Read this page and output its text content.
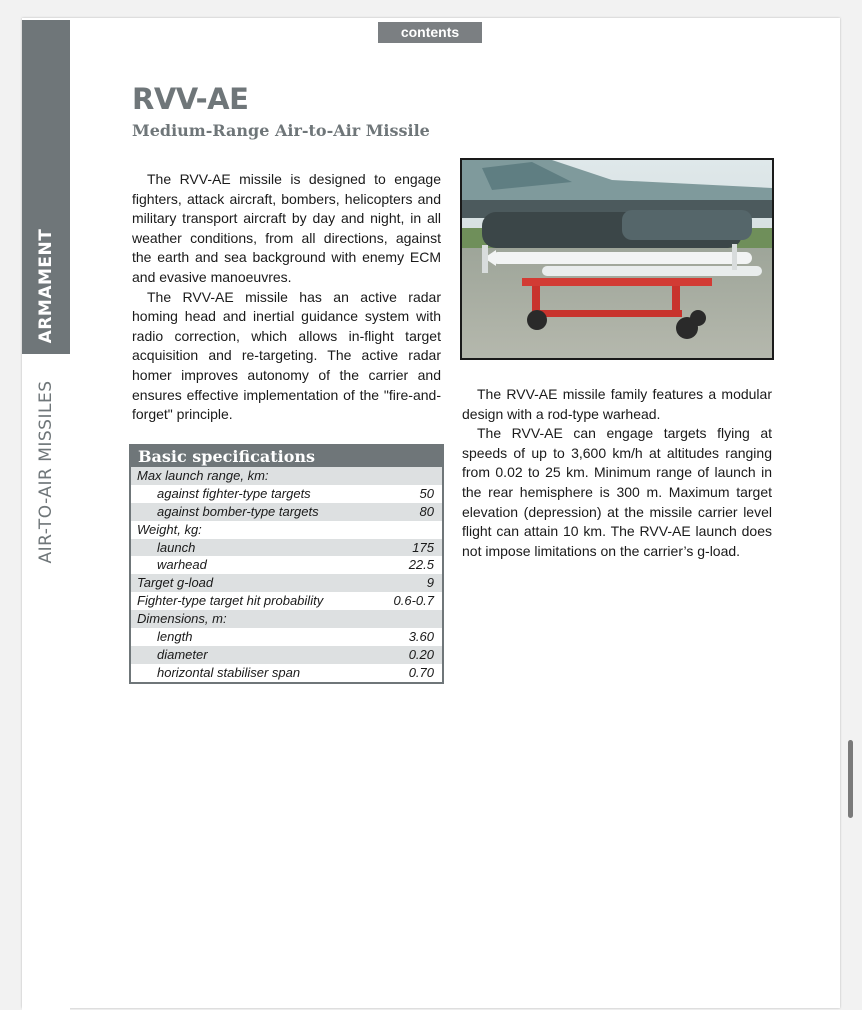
ARMAMENT
AIR-TO-AIR MISSILES
contents
RVV-AE
Medium-Range Air-to-Air Missile

The RVV-AE missile is designed to engage fighters, attack aircraft, bombers, helicopters and military transport aircraft by day and night, in all weather conditions, from all directions, against the earth and sea background with enemy ECM and evasive manoeuvres.

The RVV-AE missile has an active radar homing head and inertial guidance system with radio correction, which allows in-flight target acquisition and re-targeting. The active radar homer improves autonomy of the carrier and ensures effective implementation of the "fire-and-forget" principle.

The RVV-AE missile family features a modular design with a rod-type warhead.

The RVV-AE can engage targets flying at speeds of up to 3,600 km/h at altitudes ranging from 0.02 to 25 km. Minimum range of launch in the rear hemisphere is 300 m. Maximum target elevation (depression) at the missile carrier level flight can attain 10 km. The RVV-AE launch does not impose limitations on the carrier’s g-load.

Basic specifications
Max launch range, km:
against fighter-type targets	50
against bomber-type targets	80
Weight, kg:
launch	175
warhead	22.5
Target g-load	9
Fighter-type target hit probability	0.6-0.7
Dimensions, m:
length	3.60
diameter	0.20
horizontal stabiliser span	0.70
